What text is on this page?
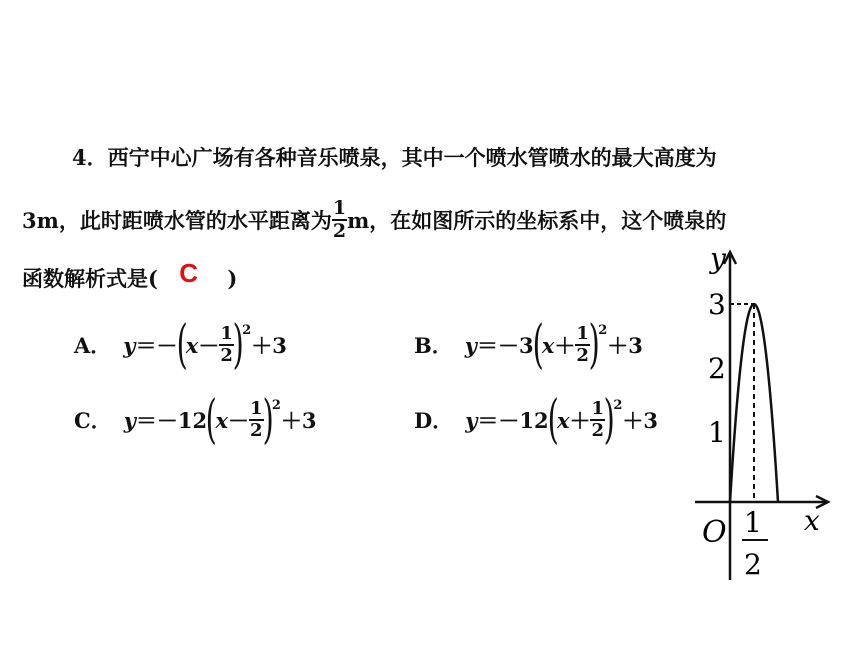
4．西宁中心广场有各种音乐喷泉，其中一个喷水管喷水的最大高度为
3m，此时距喷水管的水平距离为 $\frac{1}{2}$ m，在如图所示的坐标系中，这个喷泉的
函数解析式是( C )
A． y ＝－
(
$x - \frac{1}{2}$
)
2
＋3	B． y ＝－3
(
$x + \frac{1}{2}$
)
2
＋3
C． y ＝－12
(
$x - \frac{1}{2}$
)
2
＋3	D． y ＝－12
(
$x + \frac{1}{2}$
)
2
＋3
y
x
O
1
2
3
1
2
